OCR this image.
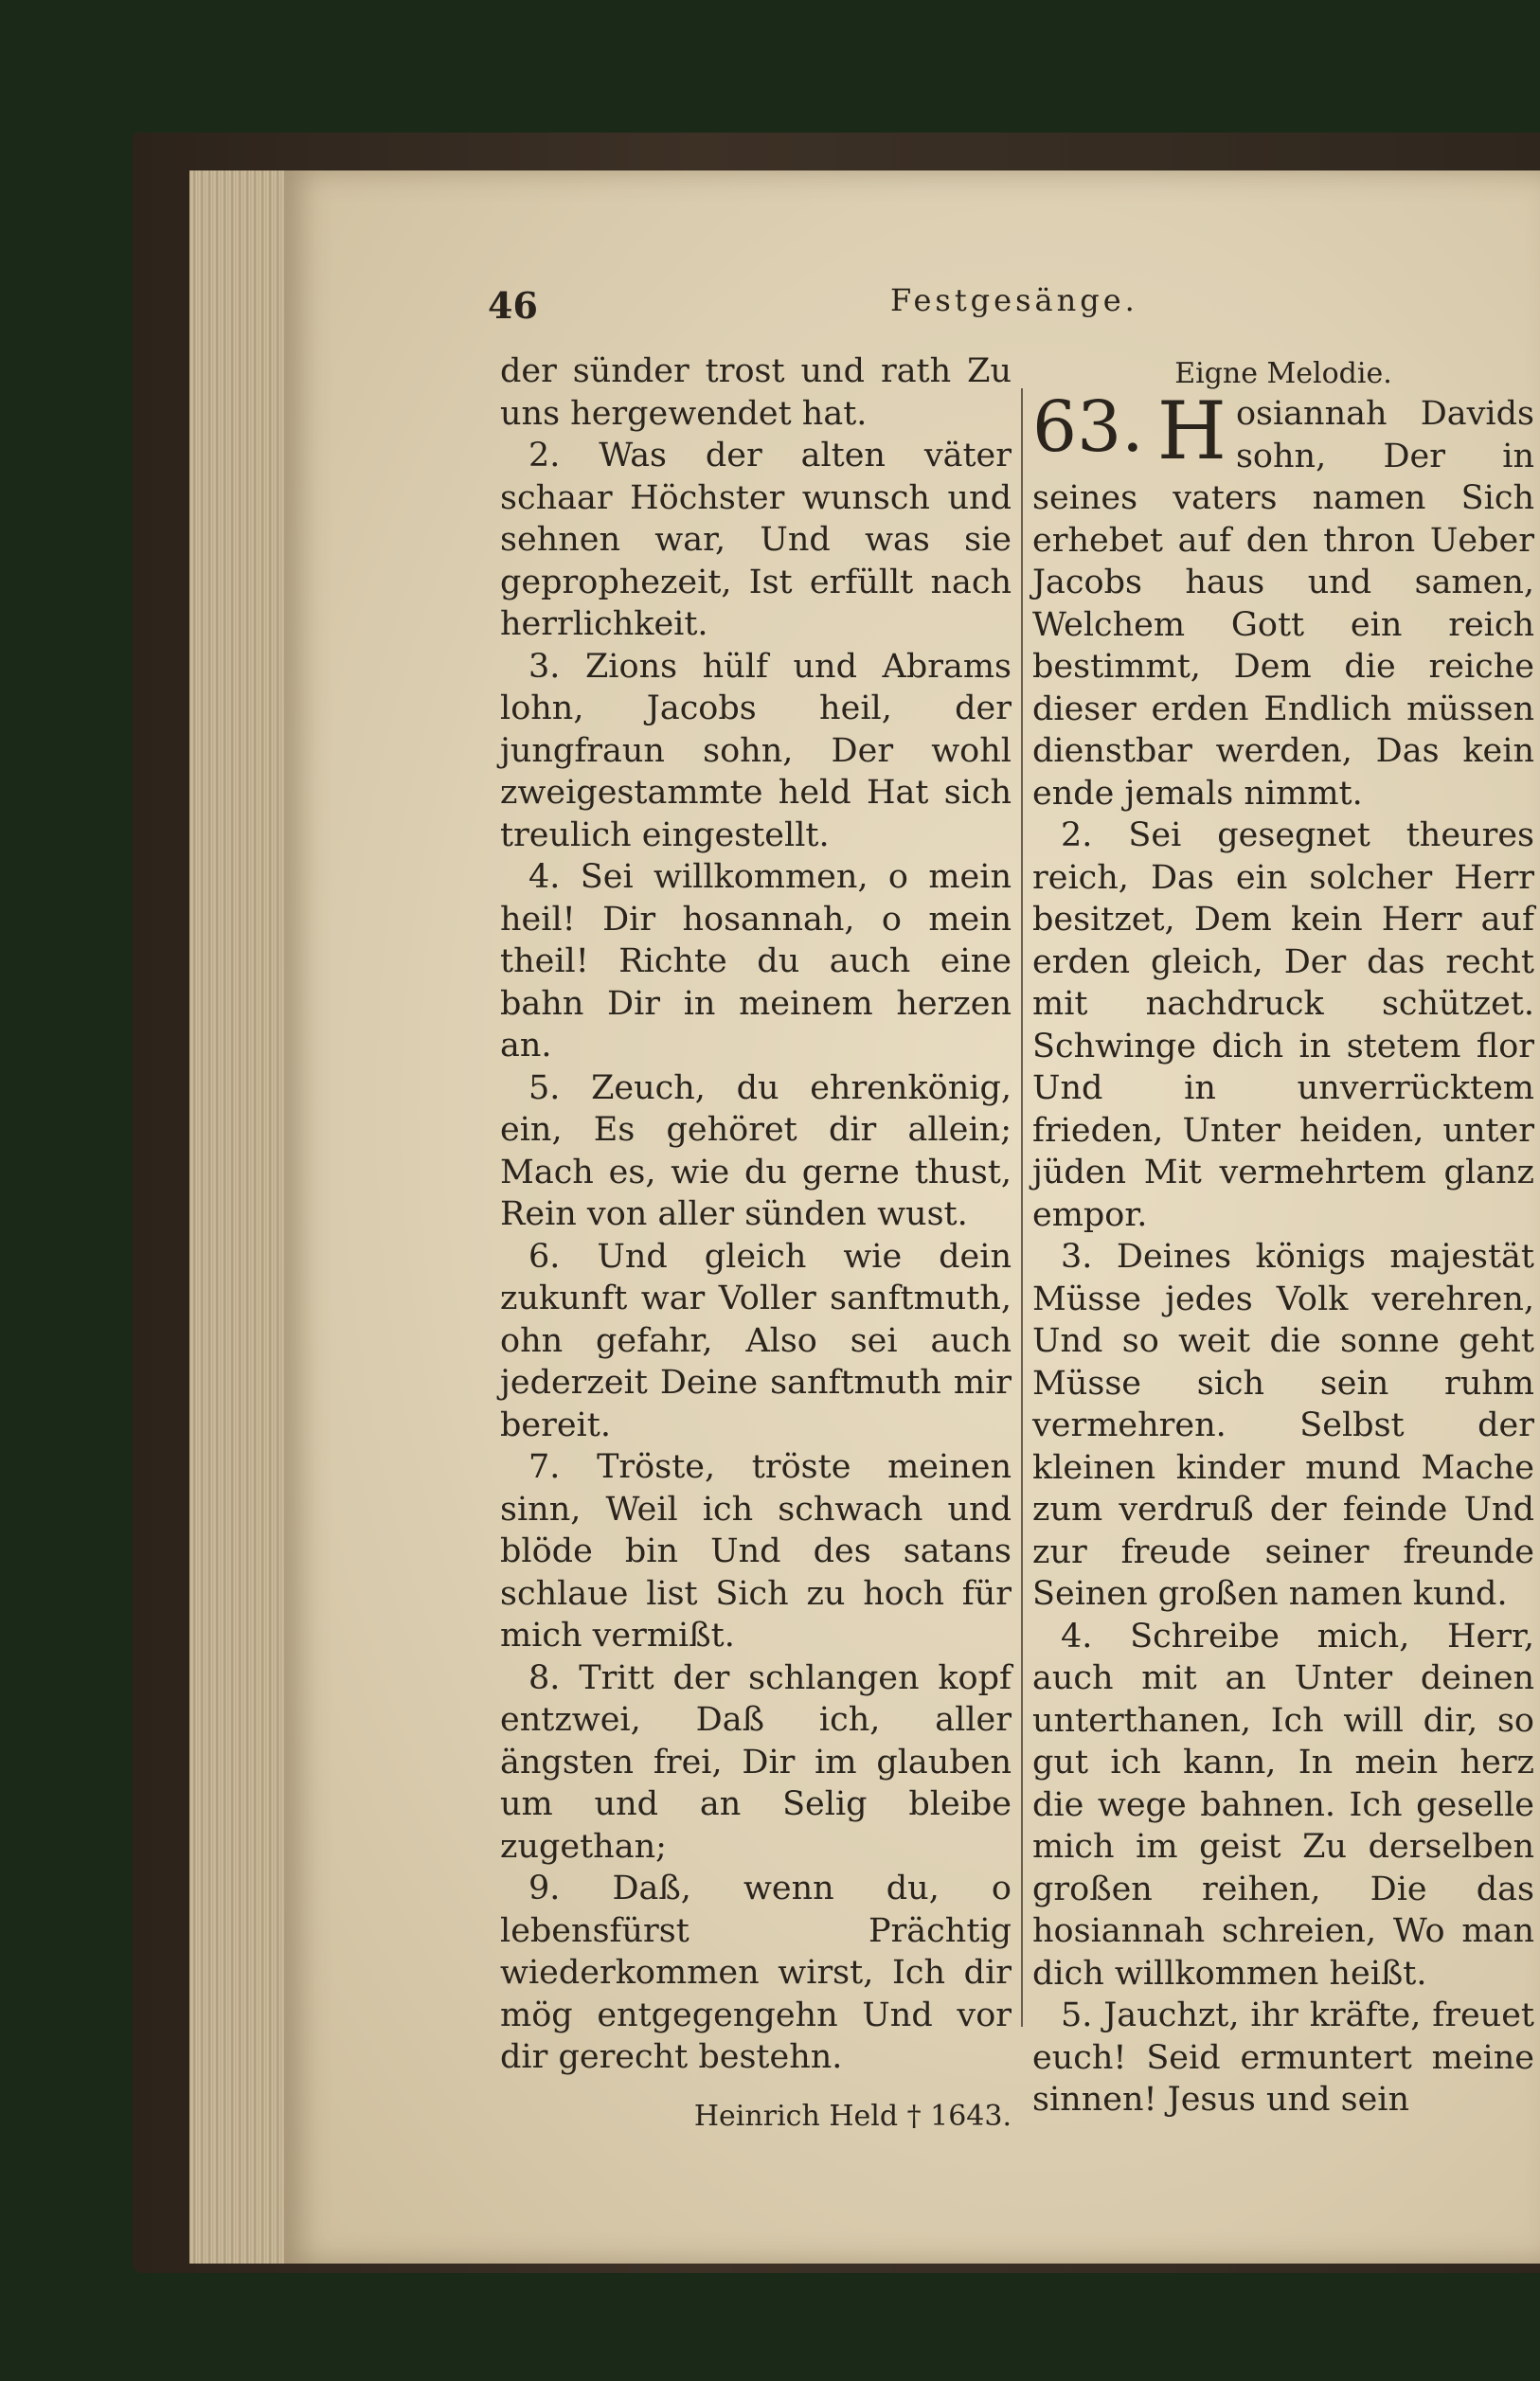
46	Festgesänge.

der sünder trost und rath Zu uns hergewendet hat.

2. Was der alten väter schaar Höchster wunsch und sehnen war, Und was sie geprophezeit, Ist erfüllt nach herrlichkeit.

3. Zions hülf und Abrams lohn, Jacobs heil, der jungfraun sohn, Der wohl zweigestammte held Hat sich treulich eingestellt.

4. Sei willkommen, o mein heil! Dir hosannah, o mein theil! Richte du auch eine bahn Dir in meinem herzen an.

5. Zeuch, du ehrenkönig, ein, Es gehöret dir allein; Mach es, wie du gerne thust, Rein von aller sünden wust.

6. Und gleich wie dein zukunft war Voller sanftmuth, ohn gefahr, Also sei auch jederzeit Deine sanftmuth mir bereit.

7. Tröste, tröste meinen sinn, Weil ich schwach und blöde bin Und des satans schlaue list Sich zu hoch für mich vermißt.

8. Tritt der schlangen kopf entzwei, Daß ich, aller ängsten frei, Dir im glauben um und an Selig bleibe zugethan;

9. Daß, wenn du, o lebensfürst Prächtig wiederkommen wirst, Ich dir mög entgegengehn Und vor dir gerecht bestehn.

Heinrich Held † 1643.

Eigne Melodie.

63. H osiannah Davids sohn, Der in seines vaters namen Sich erhebet auf den thron Ueber Jacobs haus und samen, Welchem Gott ein reich bestimmt, Dem die reiche dieser erden Endlich müssen dienstbar werden, Das kein ende jemals nimmt.

2. Sei gesegnet theures reich, Das ein solcher Herr besitzet, Dem kein Herr auf erden gleich, Der das recht mit nachdruck schützet. Schwinge dich in stetem flor Und in unverrücktem frieden, Unter heiden, unter jüden Mit vermehrtem glanz empor.

3. Deines königs majestät Müsse jedes Volk verehren, Und so weit die sonne geht Müsse sich sein ruhm vermehren. Selbst der kleinen kinder mund Mache zum verdruß der feinde Und zur freude seiner freunde Seinen großen namen kund.

4. Schreibe mich, Herr, auch mit an Unter deinen unterthanen, Ich will dir, so gut ich kann, In mein herz die wege bahnen. Ich geselle mich im geist Zu derselben großen reihen, Die das hosiannah schreien, Wo man dich willkommen heißt.

5. Jauchzt, ihr kräfte, freuet euch! Seid ermuntert meine sinnen! Jesus und sein
